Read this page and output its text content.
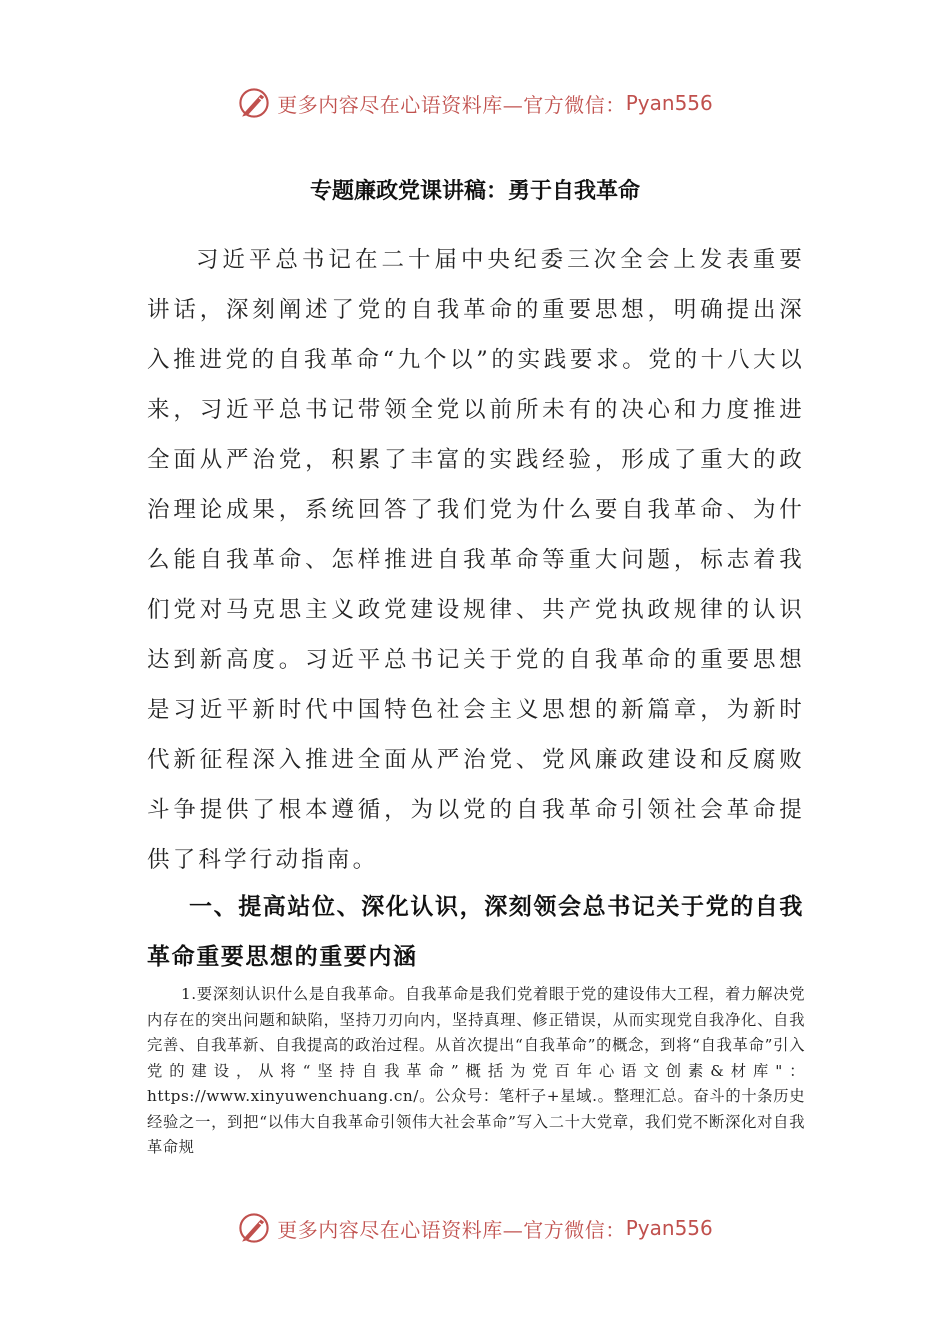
更多内容尽在心语资料库—官方微信： Pyan556
专题廉政党课讲稿：勇于自我革命

习近平总书记在二十届中央纪委三次全会上发表重要讲话，深刻阐述了党的自我革命的重要思想，明确提出深入推进党的自我革命“九个以”的实践要求。党的十八大以来，习近平总书记带领全党以前所未有的决心和力度推进全面从严治党，积累了丰富的实践经验，形成了重大的政治理论成果，系统回答了我们党为什么要自我革命、为什么能自我革命、怎样推进自我革命等重大问题，标志着我们党对马克思主义政党建设规律、共产党执政规律的认识达到新高度。习近平总书记关于党的自我革命的重要思想是习近平新时代中国特色社会主义思想的新篇章，为新时代新征程深入推进全面从严治党、党风廉政建设和反腐败斗争提供了根本遵循，为以党的自我革命引领社会革命提供了科学行动指南。

一、提高站位、深化认识，深刻领会总书记关于党的自我革命重要思想的重要内涵

1.要深刻认识什么是自我革命。自我革命是我们党着眼于党的建设伟大工程，着力解决党内存在的突出问题和缺陷，坚持刀刃向内，坚持真理、修正错误，从而实现党自我净化、自我完善、自我革新、自我提高的政治过程。从首次提出“自我革命”的概念，到将“自我革命”引入党的建设，从将“坚持自我革命”概括为党百年心语文创素&材库"：https://www.xinyuwenchuang.cn/。公众号：笔杆子+星域.。整理汇总。奋斗的十条历史经验之一，到把“以伟大自我革命引领伟大社会革命”写入二十大党章，我们党不断深化对自我革命规

更多内容尽在心语资料库—官方微信： Pyan556
